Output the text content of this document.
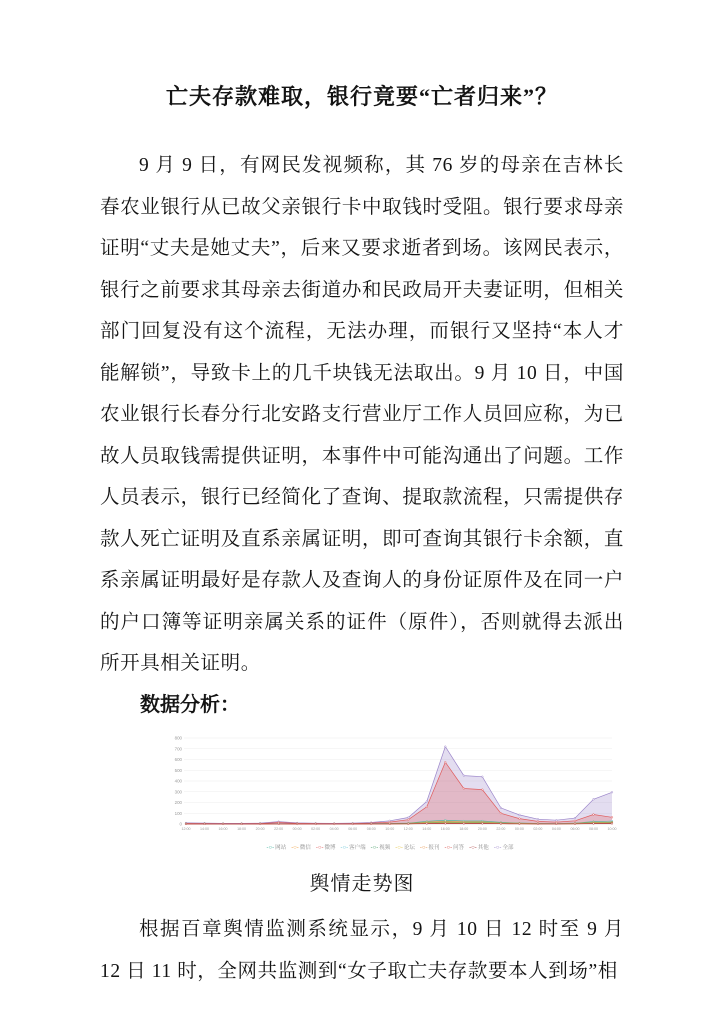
亡夫存款难取，银行竟要“亡者归来”？

9 月 9 日，有网民发视频称，其 76 岁的母亲在吉林长春农业银行从已故父亲银行卡中取钱时受阻。银行要求母亲证明“丈夫是她丈夫”，后来又要求逝者到场。该网民表示，银行之前要求其母亲去街道办和民政局开夫妻证明，但相关部门回复没有这个流程，无法办理，而银行又坚持“本人才能解锁”，导致卡上的几千块钱无法取出。9 月 10 日，中国农业银行长春分行北安路支行营业厅工作人员回应称，为已故人员取钱需提供证明，本事件中可能沟通出了问题。工作人员表示，银行已经简化了查询、提取款流程，只需提供存款人死亡证明及直系亲属证明，即可查询其银行卡余额，直系亲属证明最好是存款人及查询人的身份证原件及在同一户的户口簿等证明亲属关系的证件（原件），否则就得去派出所开具相关证明。

数据分析：

0
100
200
300
400
500
600
700
800
12:00	14:00	16:00	18:00	20:00	22:00	00:00	02:00	04:00	06:00	08:00	10:00	12:00	14:00	16:00	18:00	20:00	22:00	00:00	02:00	04:00	06:00	08:00	10:00
-○- 网站 -○- 微信 -○- 微博 -○- 客户端 -○- 视频 -○- 论坛 -○- 报刊 -○- 问答 -○- 其他 -○- 全部

舆情走势图

根据百章舆情监测系统显示，9 月 10 日 12 时至 9 月 12 日 11 时，全网共监测到“女子取亡夫存款要本人到场”相
